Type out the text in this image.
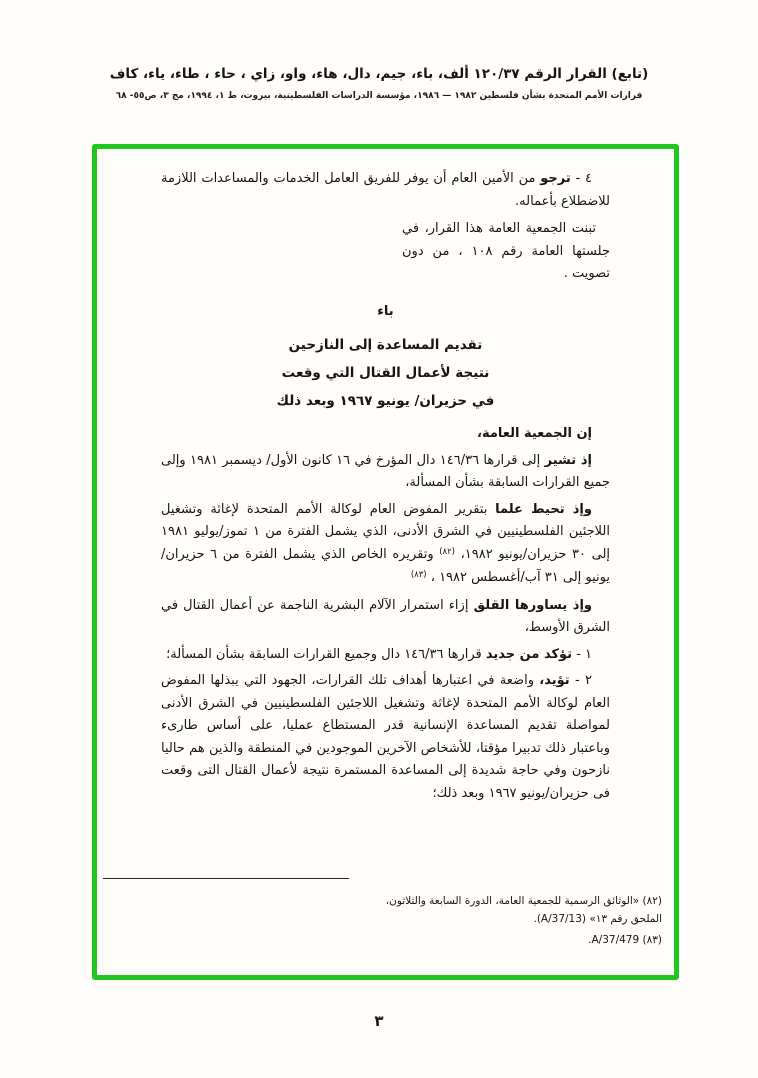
(تابع) القرار الرقم ١٢٠/٣٧ ألف، باء، جيم، دال، هاء، واو، زاي ، حاء ، طاء، ياء، كاف
قرارات الأمم المتحدة بشأن فلسطين ١٩٨٢ — ١٩٨٦، مؤسسة الدراسات الفلسطينية، بيروت، ط ١، ١٩٩٤، مج ٣، ص٥٥- ٦٨

٤ - ترجو من الأمين العام أن يوفر للفريق العامل الخدمات والمساعدات اللازمة للاضطلاع بأعماله.

تبنت الجمعية العامة هذا القرار، في جلستها العامة رقم ١٠٨ ، من دون تصويت .

باء
تقديم المساعدة إلى النازحين
نتيجة لأعمال القتال التي وقعت
في حزيران/ يونيو ١٩٦٧ وبعد ذلك

إن الجمعية العامة،

إذ تشير إلى قرارها ١٤٦/٣٦ دال المؤرخ في ١٦ كانون الأول/ ديسمبر ١٩٨١ وإلى جميع القرارات السابقة بشأن المسألة،

وإذ تحيط علما بتقرير المفوض العام لوكالة الأمم المتحدة لإغاثة وتشغيل اللاجئين الفلسطينيين في الشرق الأدنى، الذي يشمل الفترة من ١ تموز/يوليو ١٩٨١ إلى ٣٠ حزيران/يونيو ١٩٨٢، $^{(٨٢)}$ وتقريره الخاص الذي يشمل الفترة من ٦ حزيران/يونيو إلى ٣١ آب/أغسطس ١٩٨٢ ، $^{(٨٣)}$

وإذ يساورها القلق إزاء استمرار الآلام البشرية الناجمة عن أعمال القتال في الشرق الأوسط،

١ - تؤكد من جديد قرارها ١٤٦/٣٦ دال وجميع القرارات السابقة بشأن المسألة؛

٢ - تؤيد، واضعة في اعتبارها أهداف تلك القرارات، الجهود التي يبذلها المفوض العام لوكالة الأمم المتحدة لإغاثة وتشغيل اللاجئين الفلسطينيين في الشرق الأدنى لمواصلة تقديم المساعدة الإنسانية قدر المستطاع عمليا، على أساس طارىء وباعتبار ذلك تدبيرا مؤقتا، للأشخاص الآخرين الموجودين في المنطقة والذين هم حاليا نازحون وفي حاجة شديدة إلى المساعدة المستمرة نتيجة لأعمال القتال التى وقعت فى حزيران/يونيو ١٩٦٧ وبعد ذلك؛

(٨٢) «الوثائق الرسمية للجمعية العامة، الدورة السابعة والثلاثون، الملحق رقم ١٣» (A/37/13).

(٨٣) A/37/479.

٣
